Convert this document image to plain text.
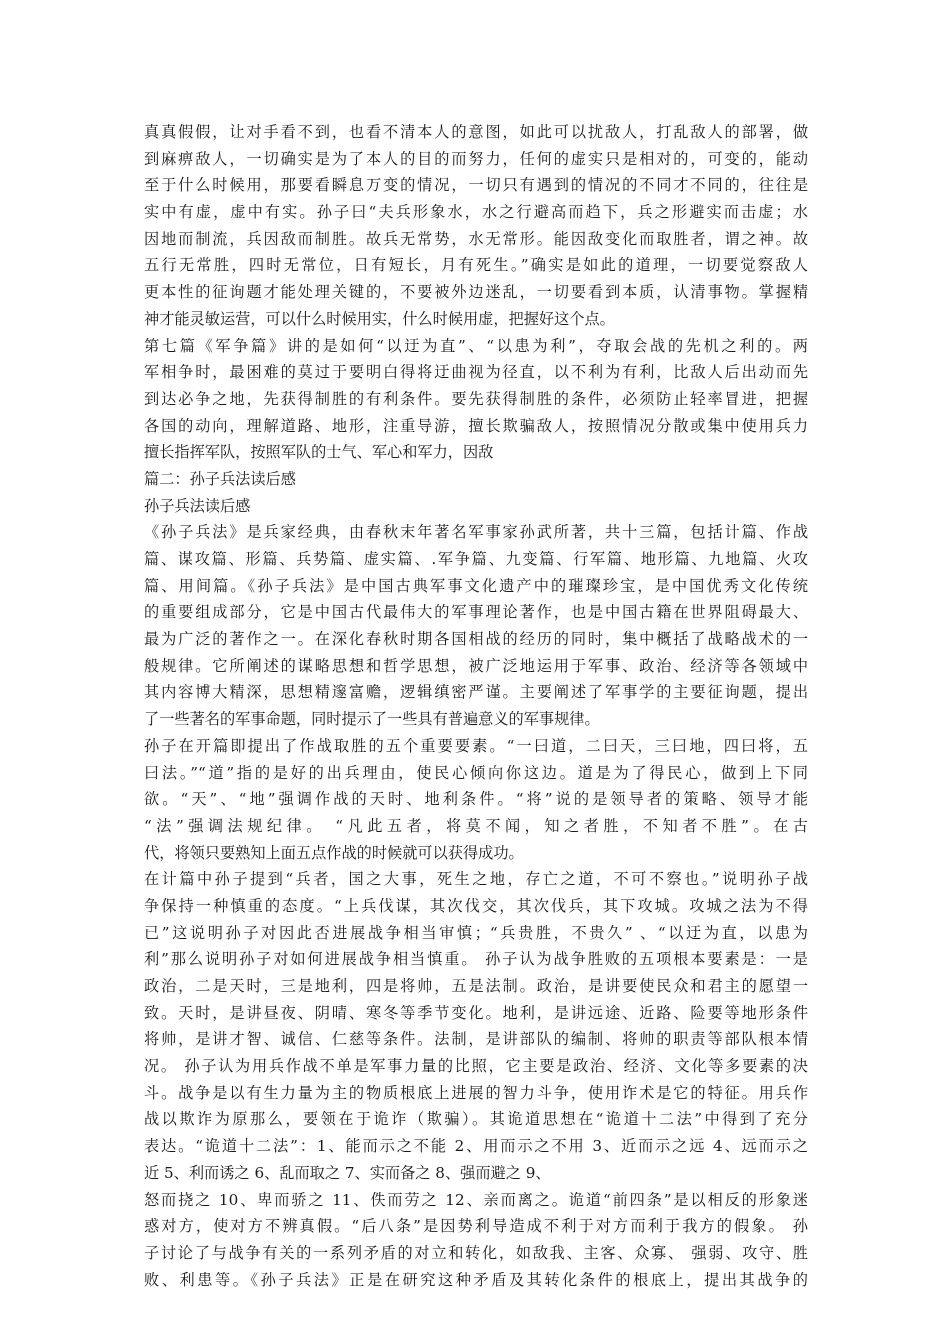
真真假假，让对手看不到，也看不清本人的意图，如此可以扰敌人，打乱敌人的部署，做
到麻痹敌人，一切确实是为了本人的目的而努力，任何的虚实只是相对的，可变的，能动
至于什么时候用，那要看瞬息万变的情况，一切只有遇到的情况的不同才不同的，往往是
实中有虚，虚中有实。孙子曰“夫兵形象水，水之行避高而趋下，兵之形避实而击虚；水
因地而制流，兵因敌而制胜。故兵无常势，水无常形。能因敌变化而取胜者，谓之神。故
五行无常胜，四时无常位，日有短长，月有死生。”确实是如此的道理，一切要觉察敌人
更本性的征询题才能处理关键的，不要被外边迷乱，一切要看到本质，认清事物。掌握精
神才能灵敏运营，可以什么时候用实，什么时候用虚，把握好这个点。
第七篇《军争篇》讲的是如何“以迂为直”、“以患为利”，夺取会战的先机之利的。两
军相争时，最困难的莫过于要明白得将迂曲视为径直，以不利为有利，比敌人后出动而先
到达必争之地，先获得制胜的有利条件。要先获得制胜的条件，必须防止轻率冒进，把握
各国的动向，理解道路、地形，注重导游，擅长欺骗敌人，按照情况分散或集中使用兵力
擅长指挥军队，按照军队的士气、军心和军力，因敌
篇二：孙子兵法读后感
孙子兵法读后感
《孙子兵法》是兵家经典，由春秋末年著名军事家孙武所著，共十三篇，包括计篇、作战
篇、谋攻篇、形篇、兵势篇、虚实篇、.军争篇、九变篇、行军篇、地形篇、九地篇、火攻
篇、用间篇。《孙子兵法》是中国古典军事文化遗产中的璀璨珍宝，是中国优秀文化传统
的重要组成部分，它是中国古代最伟大的军事理论著作，也是中国古籍在世界阻碍最大、
最为广泛的著作之一。在深化春秋时期各国相战的经历的同时，集中概括了战略战术的一
般规律。它所阐述的谋略思想和哲学思想，被广泛地运用于军事、政治、经济等各领域中
其内容博大精深，思想精邃富赡，逻辑缜密严谨。主要阐述了军事学的主要征询题，提出
了一些著名的军事命题，同时提示了一些具有普遍意义的军事规律。
孙子在开篇即提出了作战取胜的五个重要要素。“一曰道，二曰天，三曰地，四曰将，五
曰法。”“道”指的是好的出兵理由，使民心倾向你这边。道是为了得民心，做到上下同
欲。“天”、“地”强调作战的天时、地利条件。“将”说的是领导者的策略、领导才能
“法”强调法规纪律。 “凡此五者，将莫不闻，知之者胜，不知者不胜”。在古
代，将领只要熟知上面五点作战的时候就可以获得成功。
在计篇中孙子提到“兵者，国之大事，死生之地，存亡之道，不可不察也。”说明孙子战
争保持一种慎重的态度。“上兵伐谋，其次伐交，其次伐兵，其下攻城。攻城之法为不得
已”这说明孙子对因此否进展战争相当审慎；“兵贵胜，不贵久” 、“以迂为直，以患为
利”那么说明孙子对如何进展战争相当慎重。 孙子认为战争胜败的五项根本要素是：一是
政治，二是天时，三是地利，四是将帅，五是法制。政治，是讲要使民众和君主的愿望一
致。天时，是讲昼夜、阴晴、寒冬等季节变化。地利，是讲远途、近路、险要等地形条件
将帅，是讲才智、诚信、仁慈等条件。法制，是讲部队的编制、将帅的职责等部队根本情
况。 孙子认为用兵作战不单是军事力量的比照，它主要是政治、经济、文化等多要素的决
斗。战争是以有生力量为主的物质根底上进展的智力斗争，使用诈术是它的特征。用兵作
战以欺诈为原那么，要领在于诡诈（欺骗）。其诡道思想在“诡道十二法”中得到了充分
表达。“诡道十二法”：1、能而示之不能 2、用而示之不用 3、近而示之远 4、远而示之
近 5、利而诱之 6、乱而取之 7、实而备之 8、强而避之 9、
怒而挠之 10、卑而骄之 11、佚而劳之 12、亲而离之。诡道“前四条”是以相反的形象迷
惑对方，使对方不辨真假。“后八条”是因势利导造成不利于对方而利于我方的假象。 孙
子讨论了与战争有关的一系列矛盾的对立和转化，如敌我、主客、众寡、 强弱、攻守、胜
败、利患等。《孙子兵法》正是在研究这种矛盾及其转化条件的根底上，提出其战争的
